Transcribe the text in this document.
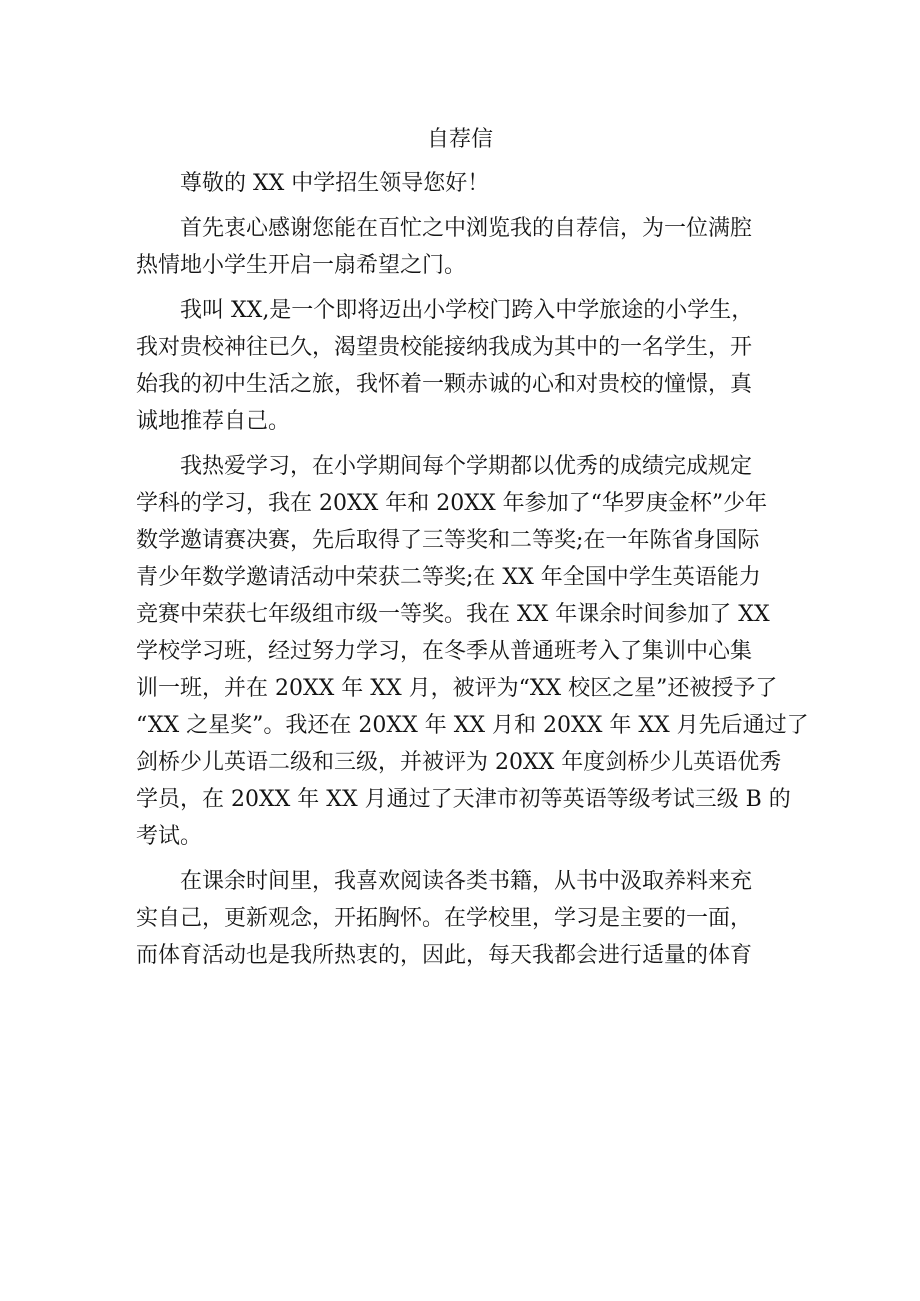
自荐信
尊敬的 XX 中学招生领导您好！
首先衷心感谢您能在百忙之中浏览我的自荐信，为一位满腔
热情地小学生开启一扇希望之门。
我叫 XX,是一个即将迈出小学校门跨入中学旅途的小学生，
我对贵校神往已久，渴望贵校能接纳我成为其中的一名学生，开
始我的初中生活之旅，我怀着一颗赤诚的心和对贵校的憧憬，真
诚地推荐自己。
我热爱学习，在小学期间每个学期都以优秀的成绩完成规定
学科的学习，我在 20XX 年和 20XX 年参加了“华罗庚金杯”少年
数学邀请赛决赛，先后取得了三等奖和二等奖;在一年陈省身国际
青少年数学邀请活动中荣获二等奖;在 XX 年全国中学生英语能力
竞赛中荣获七年级组市级一等奖。我在 XX 年课余时间参加了 XX
学校学习班，经过努力学习，在冬季从普通班考入了集训中心集
训一班，并在 20XX 年 XX 月，被评为“XX 校区之星”还被授予了
“XX 之星奖”。我还在 20XX 年 XX 月和 20XX 年 XX 月先后通过了
剑桥少儿英语二级和三级，并被评为 20XX 年度剑桥少儿英语优秀
学员，在 20XX 年 XX 月通过了天津市初等英语等级考试三级 B 的
考试。
在课余时间里，我喜欢阅读各类书籍，从书中汲取养料来充
实自己，更新观念，开拓胸怀。在学校里，学习是主要的一面，
而体育活动也是我所热衷的，因此，每天我都会进行适量的体育
